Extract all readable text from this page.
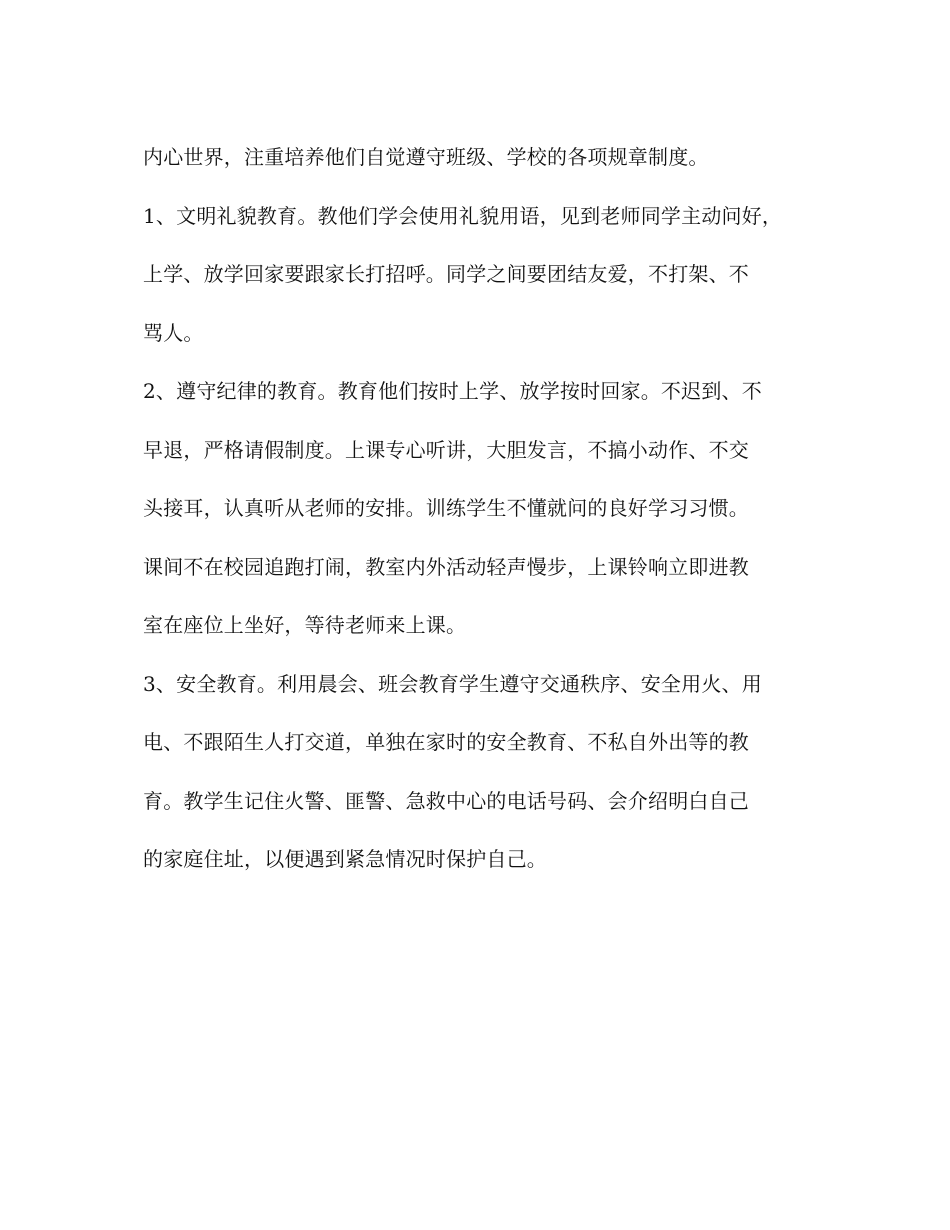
内心世界，注重培养他们自觉遵守班级、学校的各项规章制度。
1、文明礼貌教育。教他们学会使用礼貌用语，见到老师同学主动问好，
上学、放学回家要跟家长打招呼。同学之间要团结友爱，不打架、不
骂人。
2、遵守纪律的教育。教育他们按时上学、放学按时回家。不迟到、不
早退，严格请假制度。上课专心听讲，大胆发言，不搞小动作、不交
头接耳，认真听从老师的安排。训练学生不懂就问的良好学习习惯。
课间不在校园追跑打闹，教室内外活动轻声慢步，上课铃响立即进教
室在座位上坐好，等待老师来上课。
3、安全教育。利用晨会、班会教育学生遵守交通秩序、安全用火、用
电、不跟陌生人打交道，单独在家时的安全教育、不私自外出等的教
育。教学生记住火警、匪警、急救中心的电话号码、会介绍明白自己
的家庭住址，以便遇到紧急情况时保护自己。
